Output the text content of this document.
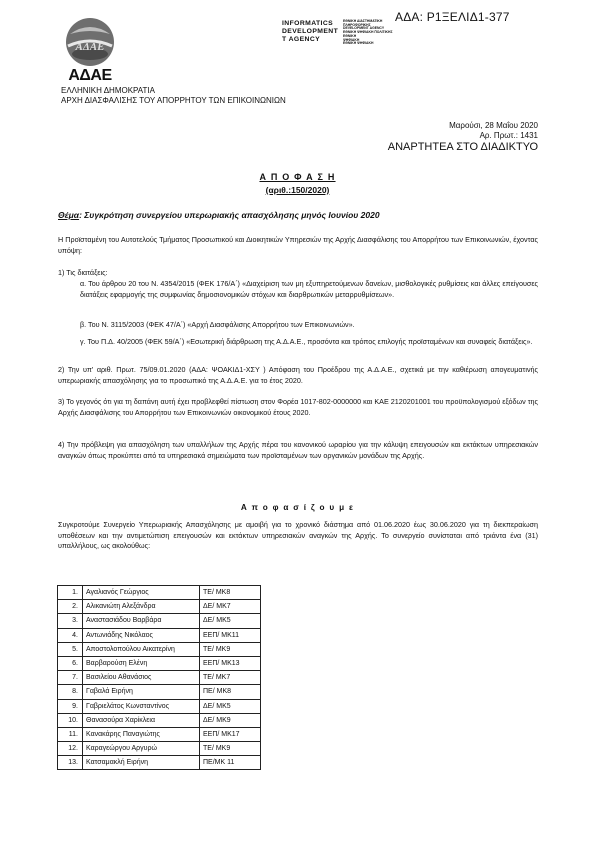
ΑΔΑ: Ρ1ΞΕΛΙΔ1-377
ΑΔΑΕ
ΑΔΑΕ
INFORMATICS
DEVELOPMENT
T AGENCY
ΕΘΝΙΚΗ ΔΙΑΣΤΗΜΑΤΙΚΗ
ΠΛΗΡΟΦΟΡΙΚΗΣ
DEVELOPMENT AGENCY
ΕΘΝΙΚΗ ΨΗΦΙΑΚΗ ΠΟΛΙΤΙΚΗΣ
ΕΘΝΙΚΗ
ΨΗΦΙΑΚΗ
ΕΘΝΙΚΗ ΨΗΦΙΑΚΗ
ΕΛΛΗΝΙΚΗ ΔΗΜΟΚΡΑΤΙΑ
ΑΡΧΗ ΔΙΑΣΦΑΛΙΣΗΣ ΤΟΥ ΑΠΟΡΡΗΤΟΥ ΤΩΝ ΕΠΙΚΟΙΝΩΝΙΩΝ
Μαρούσι, 28 Μαΐου 2020
Αρ. Πρωτ.: 1431
ΑΝΑΡΤΗΤΕΑ ΣΤΟ ΔΙΑΔΙΚΤΥΟ
Α Π Ο Φ Α Σ Η
(αριθ.:150/2020)
Θέμα: Συγκρότηση συνεργείου υπερωριακής απασχόλησης μηνός Ιουνίου 2020
Η Προϊσταμένη του Αυτοτελούς Τμήματος Προσωπικού και Διοικητικών Υπηρεσιών της Αρχής Διασφάλισης του Απορρήτου των Επικοινωνιών, έχοντας υπόψη:
1) Τις διατάξεις:
α. Του άρθρου 20 του Ν. 4354/2015 (ΦΕΚ 176/Α΄) «Διαχείριση των μη εξυπηρετούμενων δανείων, μισθολογικές ρυθμίσεις και άλλες επείγουσες διατάξεις εφαρμογής της συμφωνίας δημοσιονομικών στόχων και διαρθρωτικών μεταρρυθμίσεων».
β. Του Ν. 3115/2003 (ΦΕΚ 47/Α΄) «Αρχή Διασφάλισης Απορρήτου των Επικοινωνιών».
γ. Του Π.Δ. 40/2005 (ΦΕΚ 59/Α΄) «Εσωτερική διάρθρωση της Α.Δ.Α.Ε., προσόντα και τρόπος επιλογής προϊσταμένων και συναφείς διατάξεις».
2) Την υπ' αριθ. Πρωτ. 75/09.01.2020 (ΑΔΑ: ΨΟΑΚΙΔ1-ΧΣΥ ) Απόφαση του Προέδρου της Α.Δ.Α.Ε., σχετικά με την καθιέρωση απογευματινής υπερωριακής απασχόλησης για το προσωπικό της Α.Δ.Α.Ε. για το έτος 2020.
3) Το γεγονός ότι για τη δαπάνη αυτή έχει προβλεφθεί πίστωση στον Φορέα 1017-802-0000000 και ΚΑΕ 2120201001 του προϋπολογισμού εξόδων της Αρχής Διασφάλισης του Απορρήτου των Επικοινωνιών οικονομικού έτους 2020.
4) Την πρόβλεψη για απασχόληση των υπαλλήλων της Αρχής πέρα του κανονικού ωραρίου για την κάλυψη επειγουσών και εκτάκτων υπηρεσιακών αναγκών όπως προκύπτει από τα υπηρεσιακά σημειώματα των προϊσταμένων των οργανικών μονάδων της Αρχής.
Α π ο φ α σ ί ζ ο υ μ ε
Συγκροτούμε Συνεργείο Υπερωριακής Απασχόλησης με αμοιβή για το χρονικό διάστημα από 01.06.2020 έως 30.06.2020 για τη διεκπεραίωση υποθέσεων και την αντιμετώπιση επειγουσών και εκτάκτων υπηρεσιακών αναγκών της Αρχής. Το συνεργείο συνίσταται από τριάντα ένα (31) υπαλλήλους, ως ακολούθως:
1.	Αγαλιανός Γεώργιος	ΤΕ/ ΜΚ8
2.	Αλικανιώτη Αλεξάνδρα	ΔΕ/ ΜΚ7
3.	Αναστασιάδου Βαρβάρα	ΔΕ/ ΜΚ5
4.	Αντωνιάδης Νικόλαος	ΕΕΠ/ ΜΚ11
5.	Αποστολοπούλου Αικατερίνη	ΤΕ/ ΜΚ9
6.	Βαρβαρούση Ελένη	ΕΕΠ/ ΜΚ13
7.	Βασιλείου Αθανάσιος	ΤΕ/ ΜΚ7
8.	Γαβαλά Ειρήνη	ΠΕ/ ΜΚ8
9.	Γαβριελάτος Κωνσταντίνος	ΔΕ/ ΜΚ5
10.	Θανασούρα Χαρίκλεια	ΔΕ/ ΜΚ9
11.	Κανακάρης Παναγιώτης	ΕΕΠ/ ΜΚ17
12.	Καραγεώργου Αργυρώ	ΤΕ/ ΜΚ9
13.	Κατσαμακλή Ειρήνη	ΠΕ/ΜΚ 11
